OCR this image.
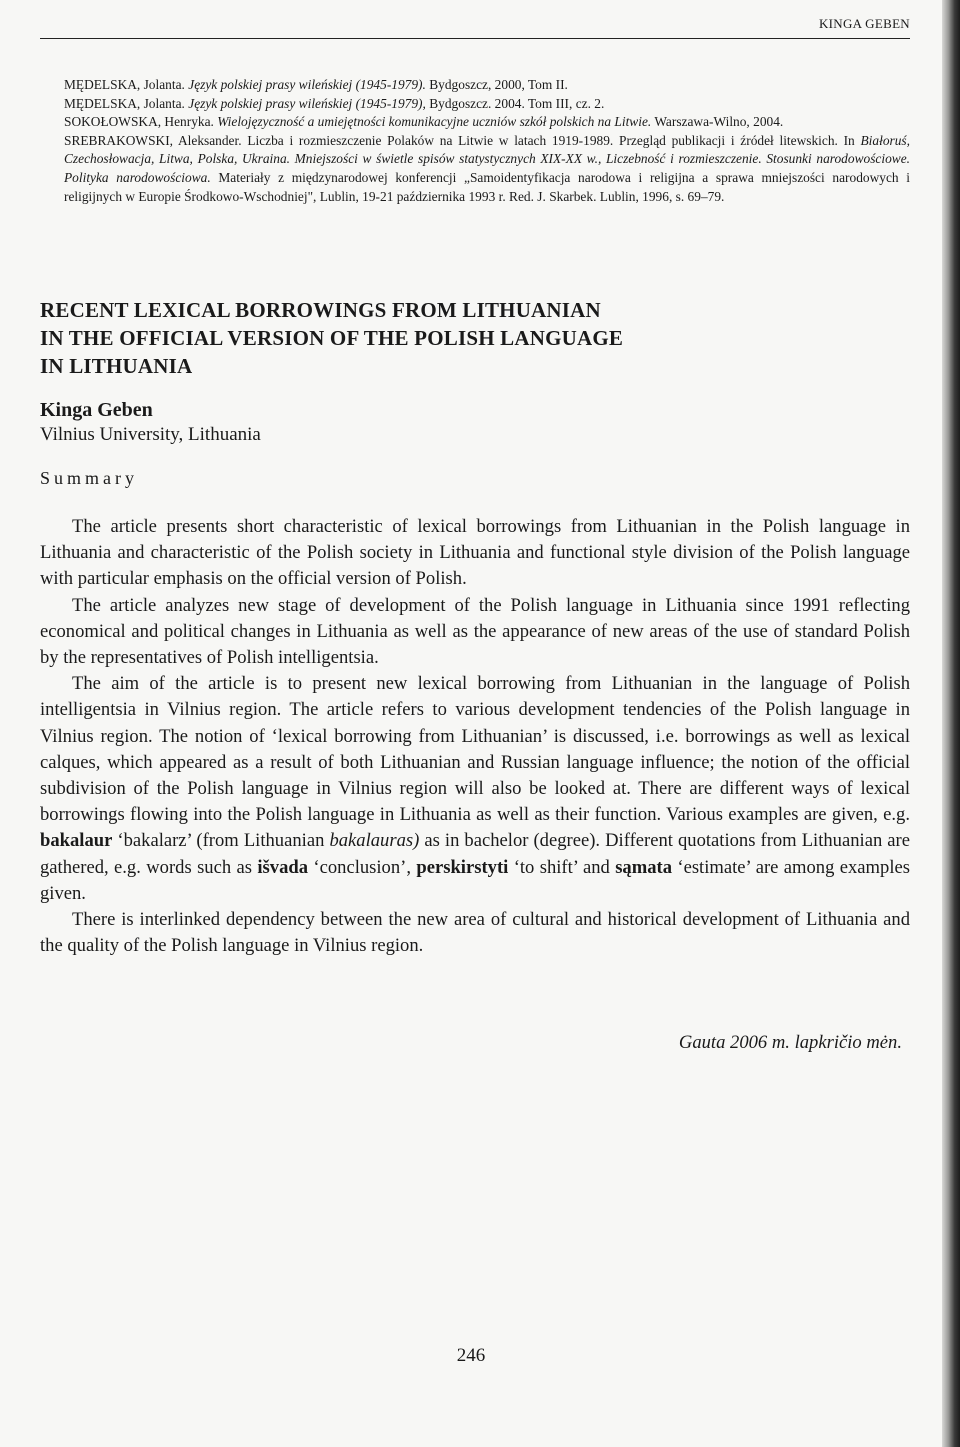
KINGA GEBEN

MĘDELSKA, Jolanta. Język polskiej prasy wileńskiej (1945-1979). Bydgoszcz, 2000, Tom II.

MĘDELSKA, Jolanta. Język polskiej prasy wileńskiej (1945-1979), Bydgoszcz. 2004. Tom III, cz. 2.

SOKOŁOWSKA, Henryka. Wielojęzyczność a umiejętności komunikacyjne uczniów szkół polskich na Litwie. Warszawa-Wilno, 2004.

SREBRAKOWSKI, Aleksander. Liczba i rozmieszczenie Polaków na Litwie w latach 1919-1989. Przegląd publikacji i źródeł litewskich. In Białoruś, Czechosłowacja, Litwa, Polska, Ukraina. Mniejszości w świetle spisów statystycznych XIX-XX w., Liczebność i rozmieszczenie. Stosunki narodowościowe. Polityka narodowościowa. Materiały z międzynarodowej konferencji „Samoidentyfikacja narodowa i religijna a sprawa mniejszości narodowych i religijnych w Europie Środkowo-Wschodniej", Lublin, 19-21 października 1993 r. Red. J. Skarbek. Lublin, 1996, s. 69–79.

RECENT LEXICAL BORROWINGS FROM LITHUANIAN
IN THE OFFICIAL VERSION OF THE POLISH LANGUAGE
IN LITHUANIA
Kinga Geben
Vilnius University, Lithuania
Summary

The article presents short characteristic of lexical borrowings from Lithuanian in the Polish language in Lithuania and characteristic of the Polish society in Lithuania and functional style division of the Polish language with particular emphasis on the official version of Polish.

The article analyzes new stage of development of the Polish language in Lithuania since 1991 reflecting economical and political changes in Lithuania as well as the appearance of new areas of the use of standard Polish by the representatives of Polish intelligentsia.

The aim of the article is to present new lexical borrowing from Lithuanian in the language of Polish intelligentsia in Vilnius region. The article refers to various development tendencies of the Polish language in Vilnius region. The notion of ‘lexical borrowing from Lithuanian’ is discussed, i.e. borrowings as well as lexical calques, which appeared as a result of both Lithuanian and Russian language influence; the notion of the official subdivision of the Polish language in Vilnius region will also be looked at. There are different ways of lexical borrowings flowing into the Polish language in Lithuania as well as their function. Various examples are given, e.g. bakalaur ‘bakalarz’ (from Lithuanian bakalauras) as in bachelor (degree). Different quotations from Lithuanian are gathered, e.g. words such as išvada ‘conclusion’, perskirstyti ‘to shift’ and sąmata ‘estimate’ are among examples given.

There is interlinked dependency between the new area of cultural and historical development of Lithuania and the quality of the Polish language in Vilnius region.

Gauta 2006 m. lapkričio mėn.
246
